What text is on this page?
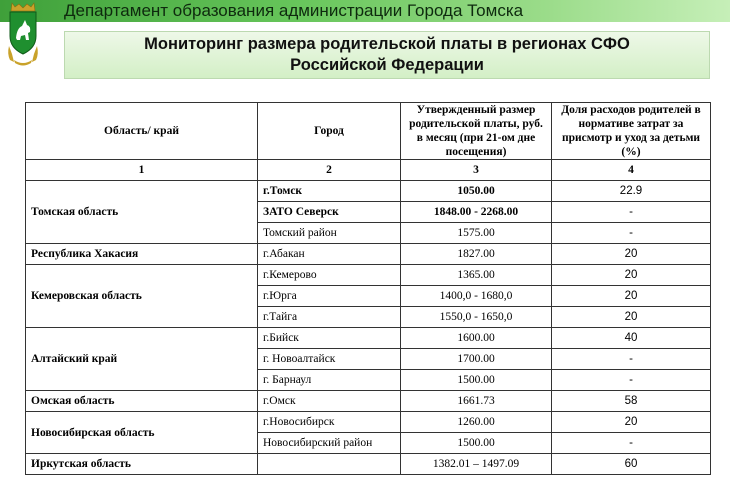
Департамент образования администрации Города Томска
Мониторинг размера родительской платы в регионах СФО
Российской Федерации
Область/ край	Город	Утвержденный размер родительской платы, руб. в месяц (при 21-ом дне посещения)	Доля расходов родителей в нормативе затрат за присмотр и уход за детьми (%)
1	2	3	4
Томская область	г.Томск	1050.00	22.9
	ЗАТО Северск	1848.00 - 2268.00	-
	Томский район	1575.00	-
Республика Хакасия	г.Абакан	1827.00	20
Кемеровская область	г.Кемерово	1365.00	20
	г.Юрга	1400,0 - 1680,0	20
	г.Тайга	1550,0 - 1650,0	20
Алтайский край	г.Бийск	1600.00	40
	г. Новоалтайск	1700.00	-
	г. Барнаул	1500.00	-
Омская область	г.Омск	1661.73	58
Новосибирская область	г.Новосибирск	1260.00	20
	Новосибирский район	1500.00	-
Иркутская область		1382.01 – 1497.09	60
